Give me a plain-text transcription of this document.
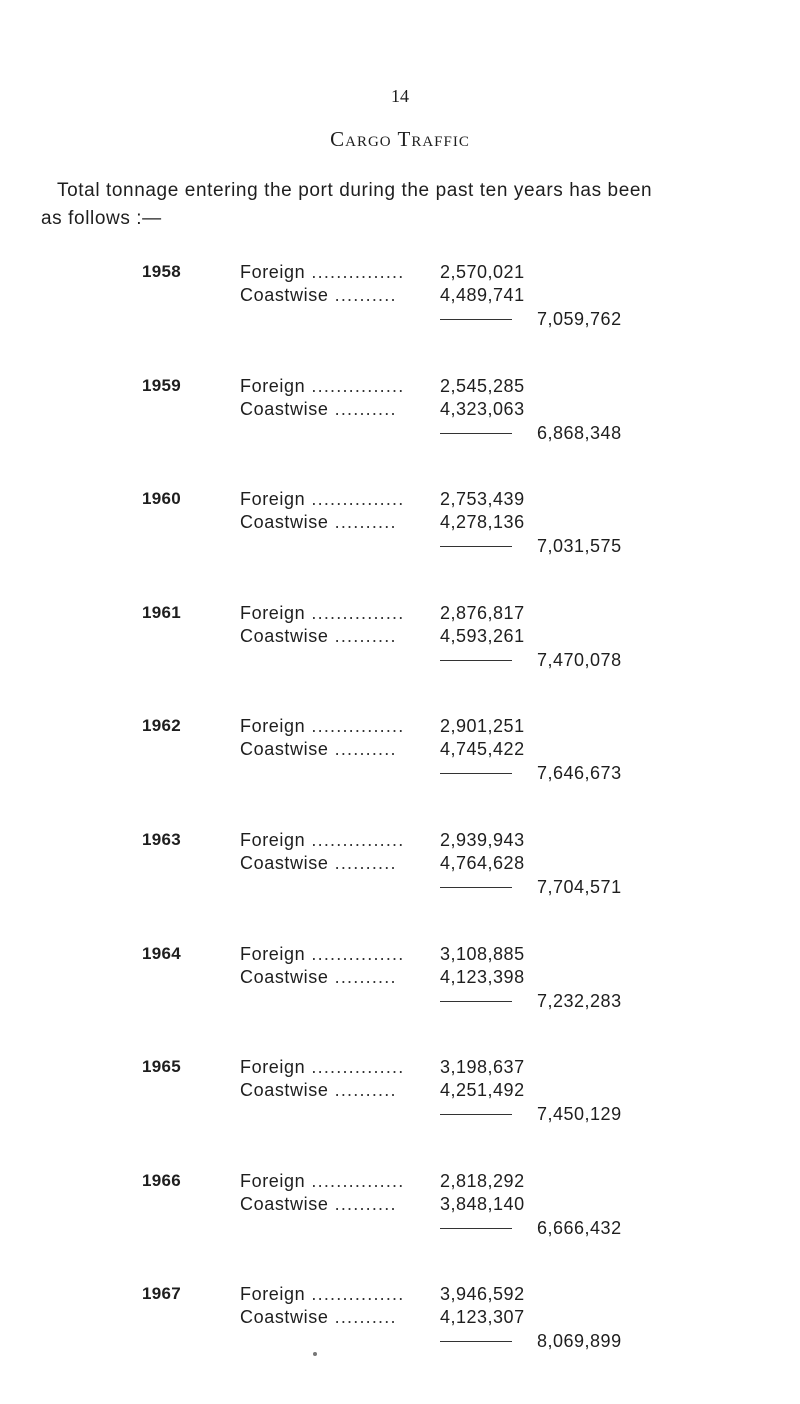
14
Cargo Traffic
Total tonnage entering the port during the past ten years has been
as follows :—
1958	Foreign ............... 2,570,021
Coastwise .......... 4,489,741
7,059,762
1959	Foreign ............... 2,545,285
Coastwise .......... 4,323,063
6,868,348
1960	Foreign ............... 2,753,439
Coastwise .......... 4,278,136
7,031,575
1961	Foreign ............... 2,876,817
Coastwise .......... 4,593,261
7,470,078
1962	Foreign ............... 2,901,251
Coastwise .......... 4,745,422
7,646,673
1963	Foreign ............... 2,939,943
Coastwise .......... 4,764,628
7,704,571
1964	Foreign ............... 3,108,885
Coastwise .......... 4,123,398
7,232,283
1965	Foreign ............... 3,198,637
Coastwise .......... 4,251,492
7,450,129
1966	Foreign ............... 2,818,292
Coastwise .......... 3,848,140
6,666,432
1967	Foreign ............... 3,946,592
Coastwise .......... 4,123,307
8,069,899
